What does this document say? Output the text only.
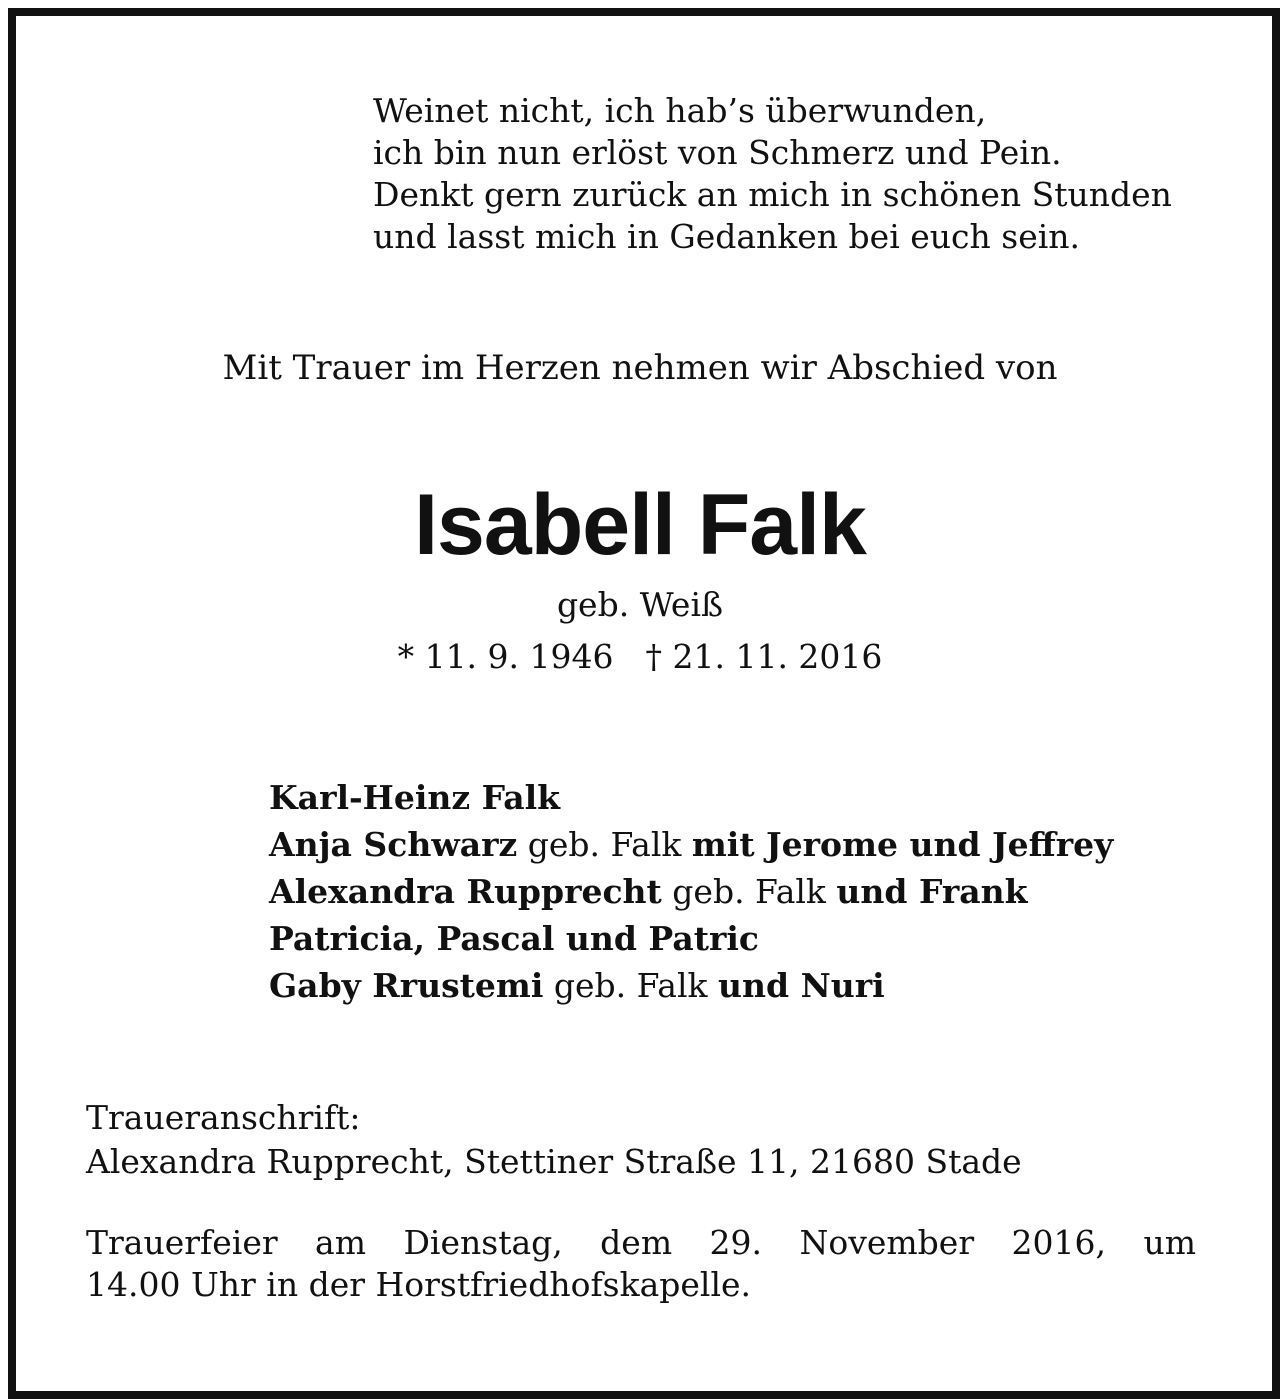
Weinet nicht, ich hab’s überwunden,
ich bin nun erlöst von Schmerz und Pein.
Denkt gern zurück an mich in schönen Stunden
und lasst mich in Gedanken bei euch sein.
Mit Trauer im Herzen nehmen wir Abschied von
Isabell Falk
geb. Weiß
* 11. 9. 1946 † 21. 11. 2016
Karl-Heinz Falk
Anja Schwarz geb. Falk mit Jerome und Jeffrey
Alexandra Rupprecht geb. Falk und Frank
Patricia, Pascal und Patric
Gaby Rrustemi geb. Falk und Nuri
Traueranschrift:
Alexandra Rupprecht, Stettiner Straße 11, 21680 Stade
Trauerfeier am Dienstag, dem 29. November 2016, um
14.00 Uhr in der Horstfriedhofskapelle.
